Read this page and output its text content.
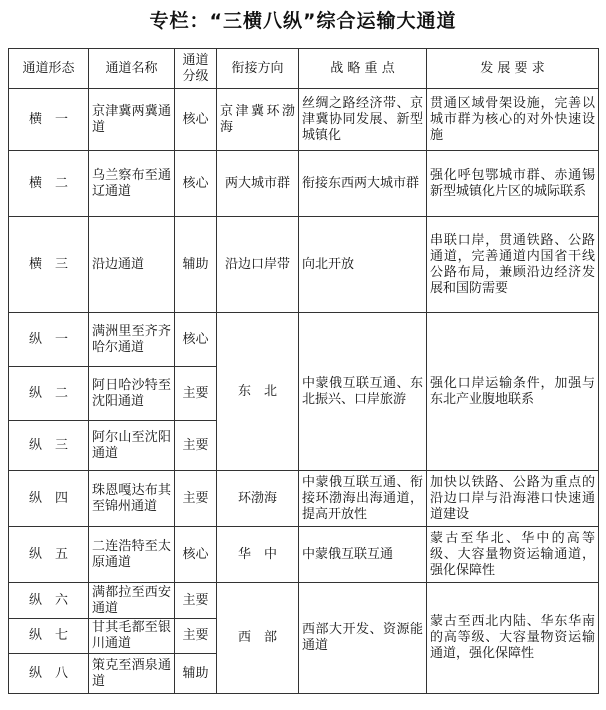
专栏：“三横八纵”综合运输大通道
通道形态	通道名称	通道分级	衔接方向	战 略 重 点	发 展 要 求
横　一	京津冀两冀通道	核心	京津冀环渤海	丝绸之路经济带、京津冀协同发展、新型城镇化	贯通区域骨架设施，完善以城市群为核心的对外快速设施
横　二	乌兰察布至通辽通道	核心	两大城市群	衔接东西两大城市群	强化呼包鄂城市群、赤通锡新型城镇化片区的城际联系
横　三	沿边通道	辅助	沿边口岸带	向北开放	串联口岸，贯通铁路、公路通道，完善通道内国省干线公路布局，兼顾沿边经济发展和国防需要
纵　一	满洲里至齐齐哈尔通道	核心	东　北	中蒙俄互联互通、东北振兴、口岸旅游	强化口岸运输条件，加强与东北产业腹地联系
纵　二	阿日哈沙特至沈阳通道	主要			
纵　三	阿尔山至沈阳通道	主要			
纵　四	珠恩嘎达布其至锦州通道	主要	环渤海	中蒙俄互联互通、衔接环渤海出海通道，提高开放性	加快以铁路、公路为重点的沿边口岸与沿海港口快速通道建设
纵　五	二连浩特至太原通道	核心	华　中	中蒙俄互联互通	蒙古至华北、华中的高等级、大容量物资运输通道，强化保障性
纵　六	满都拉至西安通道	主要	西　部	西部大开发、资源能通道	蒙古至西北内陆、华东华南的高等级、大容量物资运输通道，强化保障性
纵　七	甘其毛都至银川通道	主要			
纵　八	策克至酒泉通道	辅助			
